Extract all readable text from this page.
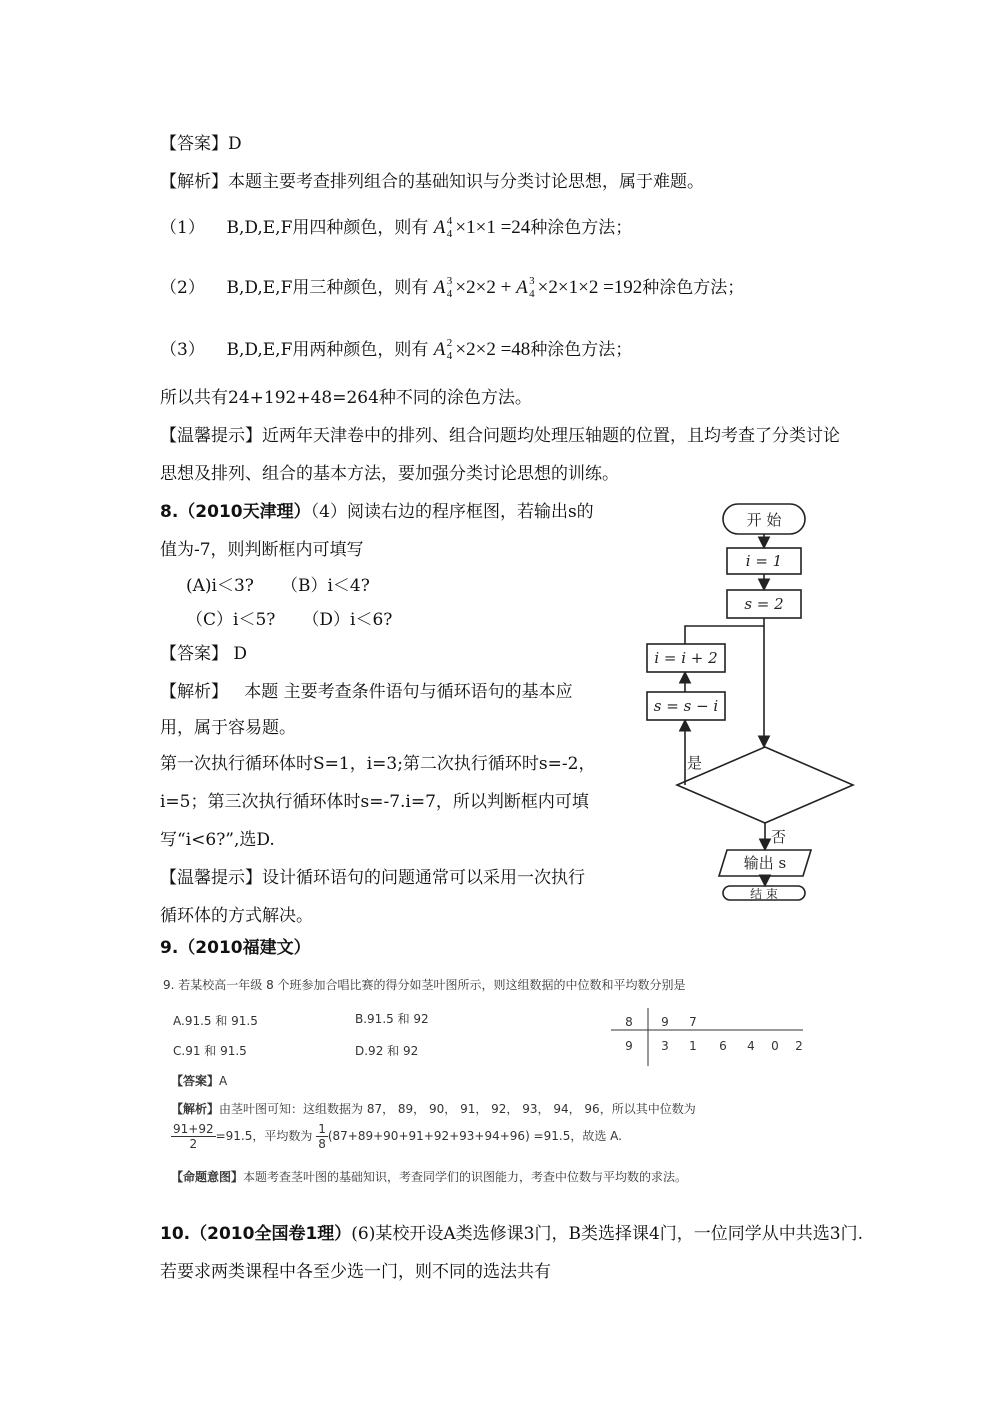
【答案】D
【解析】本题主要考查排列组合的基础知识与分类讨论思想，属于难题。
（1） B,D,E,F用四种颜色，则有 A 4
4 ×1×1 =24种涂色方法；
（2） B,D,E,F用三种颜色，则有 A 3
4 ×2×2 + A 3
4 ×2×1×2 =192种涂色方法；
（3） B,D,E,F用两种颜色，则有 A 2
4 ×2×2 =48种涂色方法；
所以共有24+192+48=264种不同的涂色方法。
【温馨提示】近两年天津卷中的排列、组合问题均处理压轴题的位置，且均考查了分类讨论
思想及排列、组合的基本方法，要加强分类讨论思想的训练。
8.（2010天津理）（4）阅读右边的程序框图，若输出s的
值为-7，则判断框内可填写
(A)i＜3? （B）i＜4?
（C）i＜5? （D）i＜6?
【答案】 D
【解析】 本题 主要考查条件语句与循环语句的基本应
用，属于容易题。
第一次执行循环体时S=1，i=3;第二次执行循环时s=-2，
i=5；第三次执行循环体时s=-7.i=7，所以判断框内可填
写“i<6?”,选D.
【温馨提示】设计循环语句的问题通常可以采用一次执行
循环体的方式解决。
开 始
i = 1
s = 2
i = i + 2
s = s − i
是
否
输出 s
结 束
9.（2010福建文）
9. 若某校高一年级 8 个班参加合唱比赛的得分如茎叶图所示，则这组数据的中位数和平均数分别是
A.91.5 和 91.5	B.91.5 和 92
C.91 和 91.5	D.92 和 92
8 9 7
9 3 1 6 4 0 2
【答案】A
【解析】由茎叶图可知：这组数据为 87， 89， 90， 91， 92， 93， 94， 96，所以其中位数为
$\frac{91+92}{2} =91.5$，平均数为 $\frac{1}{8} (87+89+90+91+92+93+94+96) =91.5$，故选 A.
【命题意图】本题考查茎叶图的基础知识，考查同学们的识图能力，考查中位数与平均数的求法。
10.（2010全国卷1理）(6)某校开设A类选修课3门，B类选择课4门，一位同学从中共选3门.
若要求两类课程中各至少选一门，则不同的选法共有
